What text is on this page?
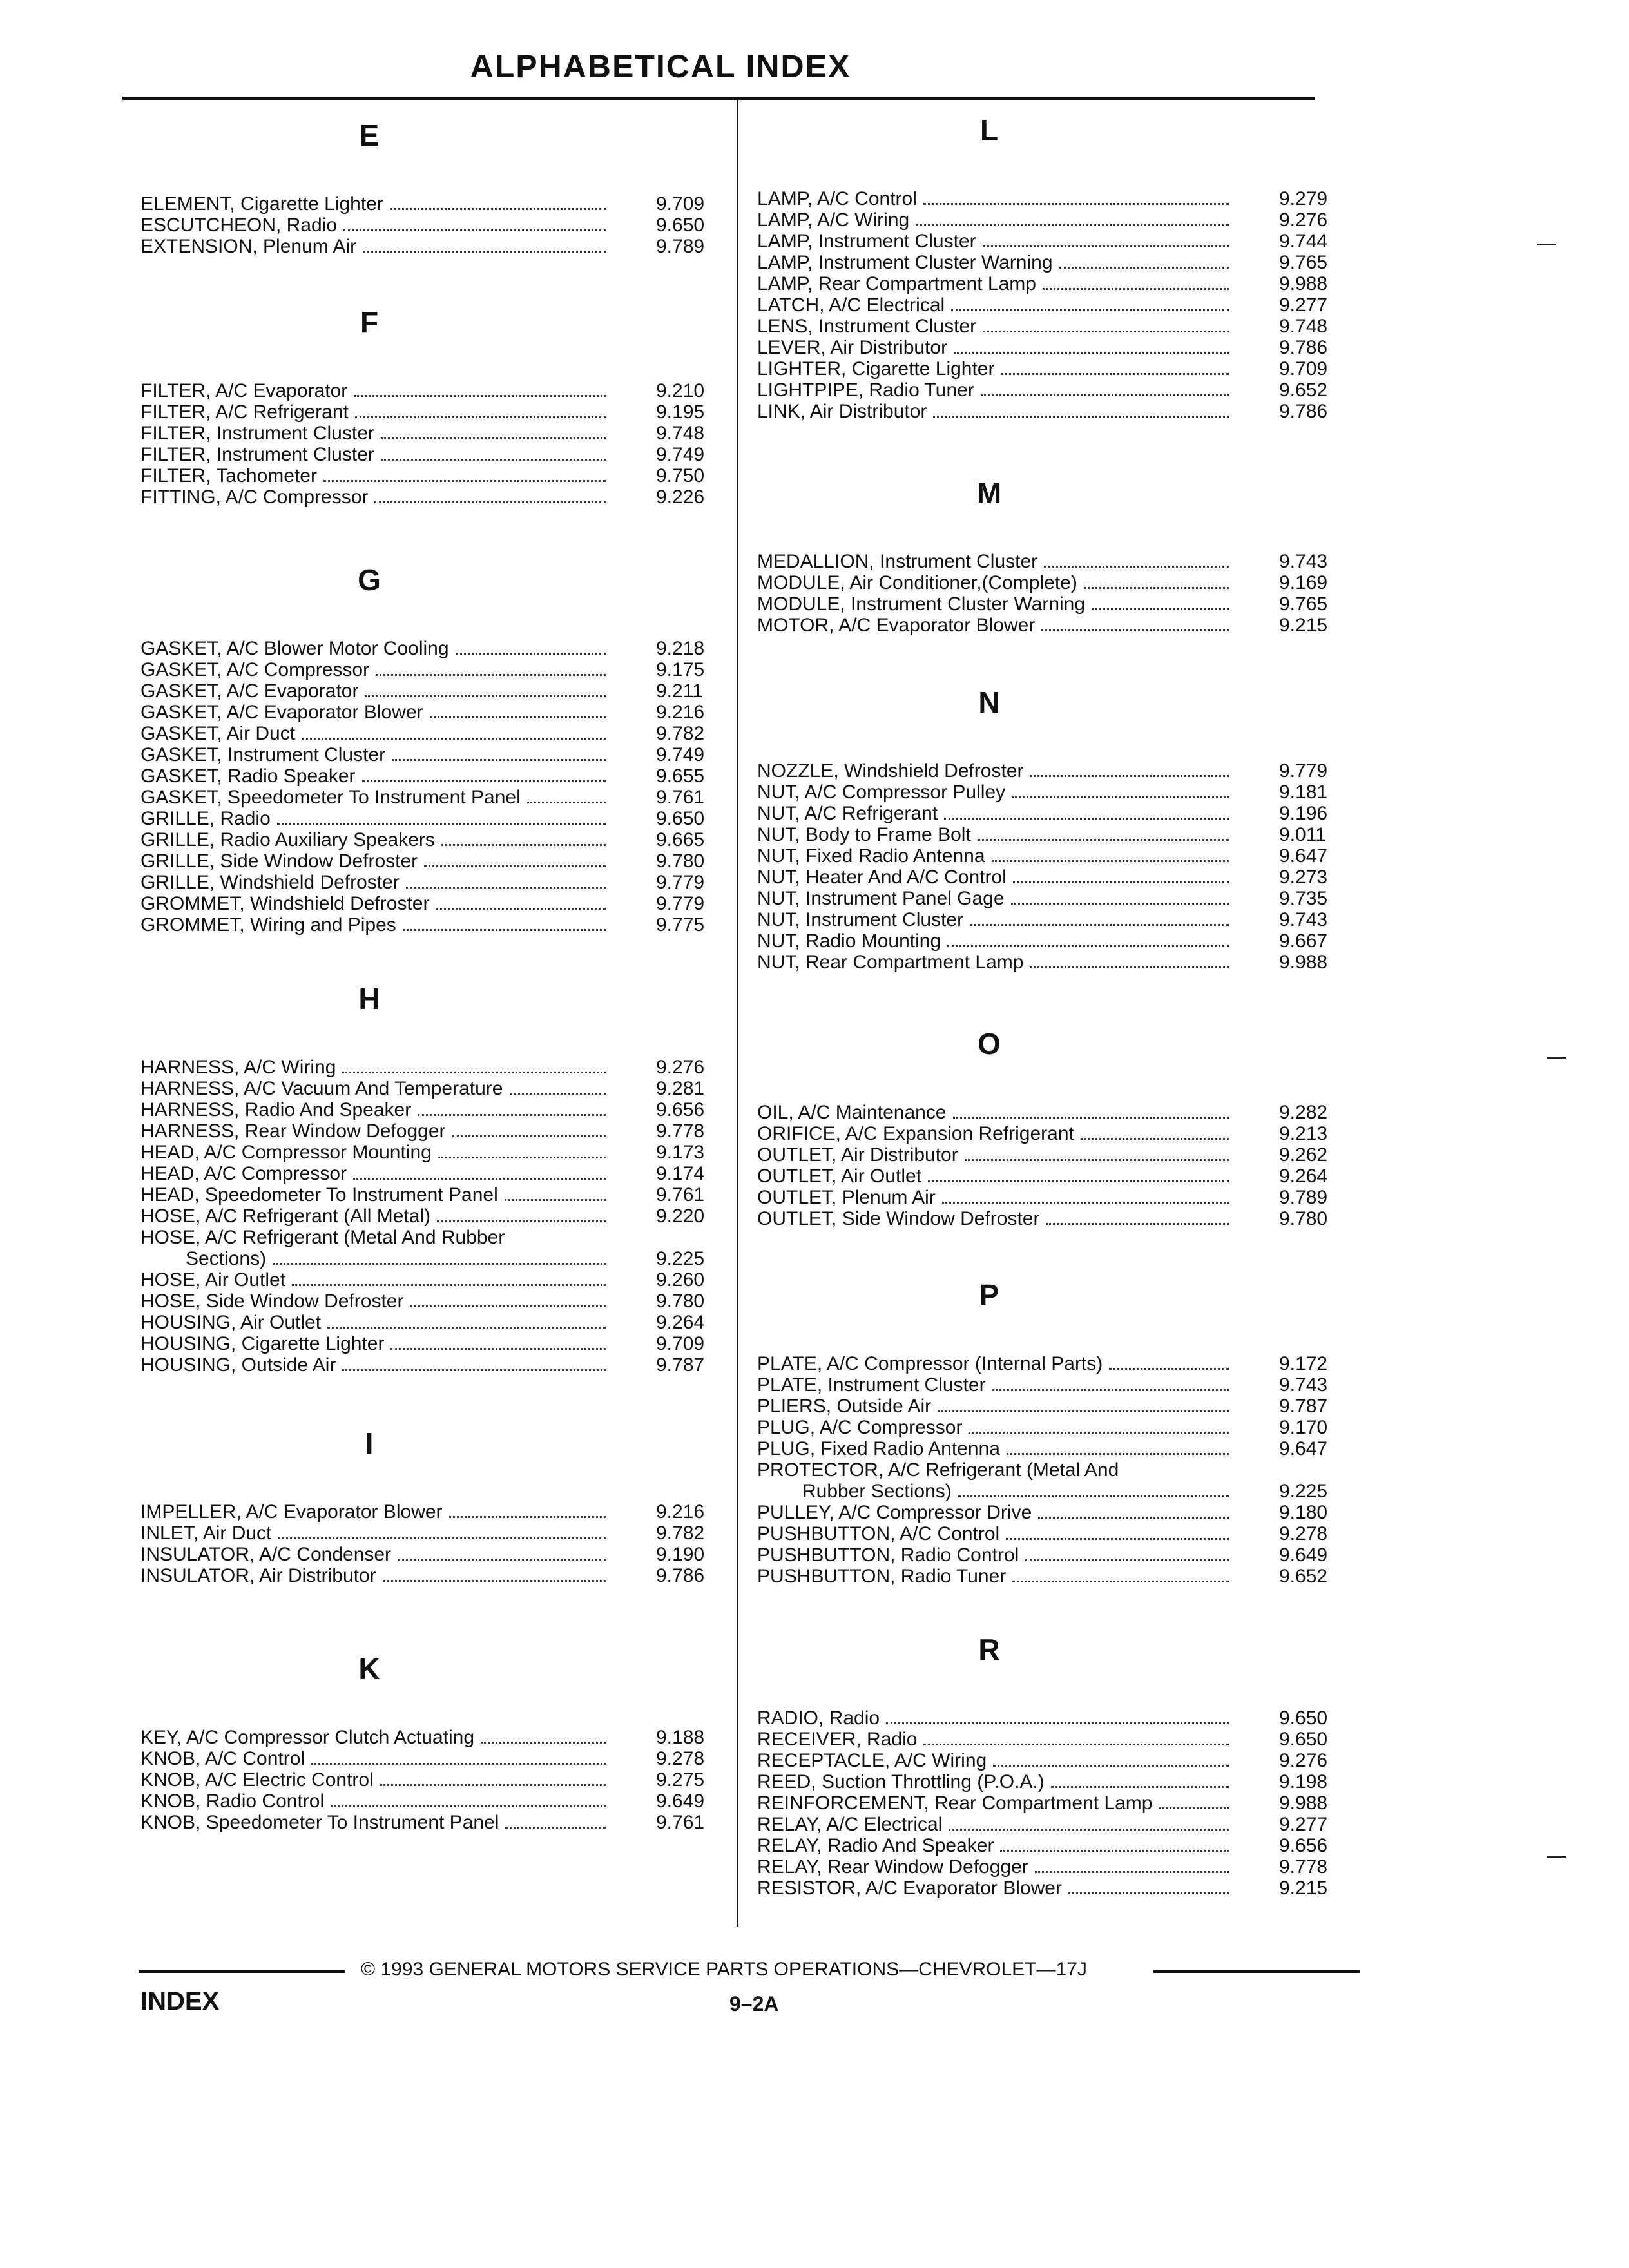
ALPHABETICAL INDEX
E
ELEMENT, Cigarette Lighter	9.709
ESCUTCHEON, Radio	9.650
EXTENSION, Plenum Air	9.789
F
FILTER, A/C Evaporator	9.210
FILTER, A/C Refrigerant	9.195
FILTER, Instrument Cluster	9.748
FILTER, Instrument Cluster	9.749
FILTER, Tachometer	9.750
FITTING, A/C Compressor	9.226
G
GASKET, A/C Blower Motor Cooling	9.218
GASKET, A/C Compressor	9.175
GASKET, A/C Evaporator	9.211
GASKET, A/C Evaporator Blower	9.216
GASKET, Air Duct	9.782
GASKET, Instrument Cluster	9.749
GASKET, Radio Speaker	9.655
GASKET, Speedometer To Instrument Panel	9.761
GRILLE, Radio	9.650
GRILLE, Radio Auxiliary Speakers	9.665
GRILLE, Side Window Defroster	9.780
GRILLE, Windshield Defroster	9.779
GROMMET, Windshield Defroster	9.779
GROMMET, Wiring and Pipes	9.775
H
HARNESS, A/C Wiring	9.276
HARNESS, A/C Vacuum And Temperature	9.281
HARNESS, Radio And Speaker	9.656
HARNESS, Rear Window Defogger	9.778
HEAD, A/C Compressor Mounting	9.173
HEAD, A/C Compressor	9.174
HEAD, Speedometer To Instrument Panel	9.761
HOSE, A/C Refrigerant (All Metal)	9.220
HOSE, A/C Refrigerant (Metal And Rubber
Sections)	9.225
HOSE, Air Outlet	9.260
HOSE, Side Window Defroster	9.780
HOUSING, Air Outlet	9.264
HOUSING, Cigarette Lighter	9.709
HOUSING, Outside Air	9.787
I
IMPELLER, A/C Evaporator Blower	9.216
INLET, Air Duct	9.782
INSULATOR, A/C Condenser	9.190
INSULATOR, Air Distributor	9.786
K
KEY, A/C Compressor Clutch Actuating	9.188
KNOB, A/C Control	9.278
KNOB, A/C Electric Control	9.275
KNOB, Radio Control	9.649
KNOB, Speedometer To Instrument Panel	9.761
L
LAMP, A/C Control	9.279
LAMP, A/C Wiring	9.276
LAMP, Instrument Cluster	9.744
LAMP, Instrument Cluster Warning	9.765
LAMP, Rear Compartment Lamp	9.988
LATCH, A/C Electrical	9.277
LENS, Instrument Cluster	9.748
LEVER, Air Distributor	9.786
LIGHTER, Cigarette Lighter	9.709
LIGHTPIPE, Radio Tuner	9.652
LINK, Air Distributor	9.786
M
MEDALLION, Instrument Cluster	9.743
MODULE, Air Conditioner,(Complete)	9.169
MODULE, Instrument Cluster Warning	9.765
MOTOR, A/C Evaporator Blower	9.215
N
NOZZLE, Windshield Defroster	9.779
NUT, A/C Compressor Pulley	9.181
NUT, A/C Refrigerant	9.196
NUT, Body to Frame Bolt	9.011
NUT, Fixed Radio Antenna	9.647
NUT, Heater And A/C Control	9.273
NUT, Instrument Panel Gage	9.735
NUT, Instrument Cluster	9.743
NUT, Radio Mounting	9.667
NUT, Rear Compartment Lamp	9.988
O
OIL, A/C Maintenance	9.282
ORIFICE, A/C Expansion Refrigerant	9.213
OUTLET, Air Distributor	9.262
OUTLET, Air Outlet	9.264
OUTLET, Plenum Air	9.789
OUTLET, Side Window Defroster	9.780
P
PLATE, A/C Compressor (Internal Parts)	9.172
PLATE, Instrument Cluster	9.743
PLIERS, Outside Air	9.787
PLUG, A/C Compressor	9.170
PLUG, Fixed Radio Antenna	9.647
PROTECTOR, A/C Refrigerant (Metal And
Rubber Sections)	9.225
PULLEY, A/C Compressor Drive	9.180
PUSHBUTTON, A/C Control	9.278
PUSHBUTTON, Radio Control	9.649
PUSHBUTTON, Radio Tuner	9.652
R
RADIO, Radio	9.650
RECEIVER, Radio	9.650
RECEPTACLE, A/C Wiring	9.276
REED, Suction Throttling (P.O.A.)	9.198
REINFORCEMENT, Rear Compartment Lamp	9.988
RELAY, A/C Electrical	9.277
RELAY, Radio And Speaker	9.656
RELAY, Rear Window Defogger	9.778
RESISTOR, A/C Evaporator Blower	9.215
© 1993 GENERAL MOTORS SERVICE PARTS OPERATIONS—CHEVROLET—17J
INDEX	9–2A
